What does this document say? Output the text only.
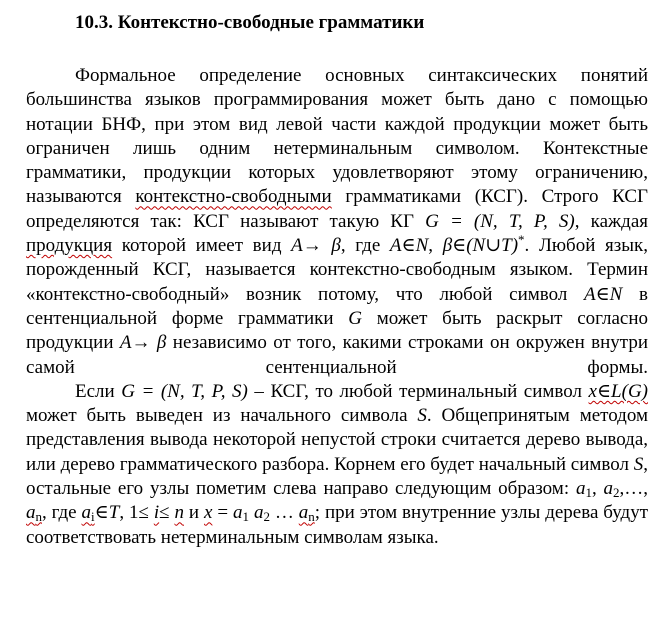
10.3. Контекстно-свободные грамматики

Формальное определение основных синтаксических понятий большинства языков программирования может быть дано с помощью нотации БНФ, при этом вид левой части каждой продукции может быть ограничен лишь одним нетерминальным символом. Контекстные грамматики, продукции которых удовлетворяют этому ограничению, называются контекстно-свободными грамматиками (КСГ). Строго КСГ определяются так: КСГ называют такую КГ G = (N, T, P, S), каждая продукция которой имеет вид A→ β, где A∈N, β∈(N∪T)*. Любой язык, порожденный КСГ, называется контекстно-свободным языком. Термин «контекстно-свободный» возник потому, что любой символ A∈N в сентенциальной форме грамматики G может быть раскрыт согласно продукции A→ β независимо от того, какими строками он окружен внутри самой сентенциальной формы.

Если G = (N, T, P, S) – КСГ, то любой терминальный символ x∈L(G) может быть выведен из начального символа S. Общепринятым методом представления вывода некоторой непустой строки считается дерево вывода, или дерево грамматического разбора. Корнем его будет начальный символ S, остальные его узлы пометим слева направо следующим образом: $a_1$, $a_2,\dots$, $a_n$, где $a_i\in T$, 1≤ i≤ n и $x = a_1$ $a_2$ … $a_n$; при этом внутренние узлы дерева будут соответствовать нетерминальным символам языка.
